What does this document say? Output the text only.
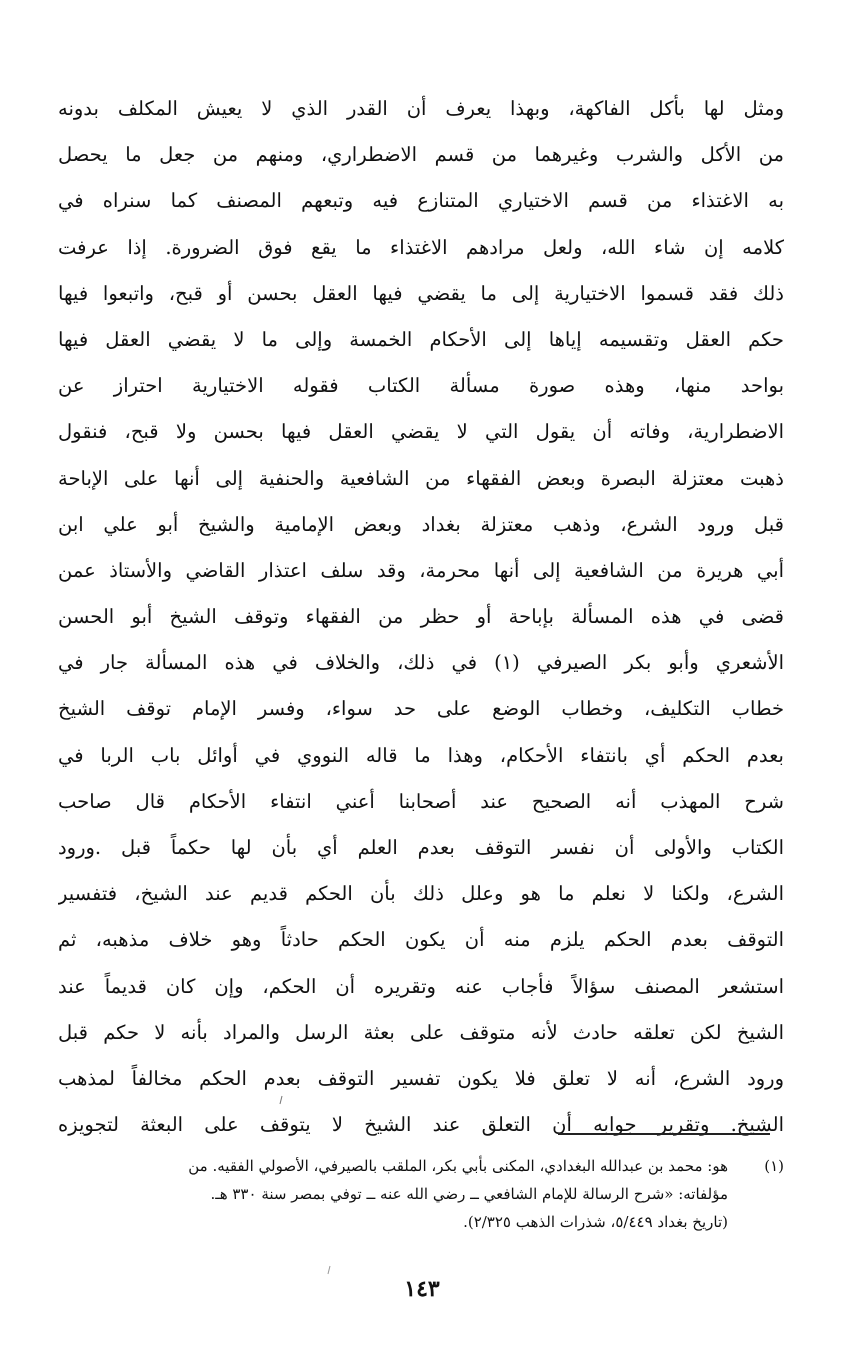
ومثل لها بأكل الفاكهة، وبهذا يعرف أن القدر الذي لا يعيش المكلف بدونه
من الأكل والشرب وغيرهما من قسم الاضطراري، ومنهم من جعل ما يحصل
به الاغتذاء من قسم الاختياري المتنازع فيه وتبعهم المصنف كما سنراه في
كلامه إن شاء الله، ولعل مرادهم الاغتذاء ما يقع فوق الضرورة. إذا عرفت
ذلك فقد قسموا الاختيارية إلى ما يقضي فيها العقل بحسن أو قبح، واتبعوا فيها
حكم العقل وتقسيمه إياها إلى الأحكام الخمسة وإلى ما لا يقضي العقل فيها
بواحد منها، وهذه صورة مسألة الكتاب فقوله الاختيارية احتراز عن
الاضطرارية، وفاته أن يقول التي لا يقضي العقل فيها بحسن ولا قبح، فنقول
ذهبت معتزلة البصرة وبعض الفقهاء من الشافعية والحنفية إلى أنها على الإباحة
قبل ورود الشرع، وذهب معتزلة بغداد وبعض الإمامية والشيخ أبو علي ابن
أبي هريرة من الشافعية إلى أنها محرمة، وقد سلف اعتذار القاضي والأستاذ عمن
قضى في هذه المسألة بإباحة أو حظر من الفقهاء وتوقف الشيخ أبو الحسن
الأشعري وأبو بكر الصيرفي (١) في ذلك، والخلاف في هذه المسألة جار في
خطاب التكليف، وخطاب الوضع على حد سواء، وفسر الإمام توقف الشيخ
بعدم الحكم أي بانتفاء الأحكام، وهذا ما قاله النووي في أوائل باب الربا في
شرح المهذب أنه الصحيح عند أصحابنا أعني انتفاء الأحكام قال صاحب
الكتاب والأولى أن نفسر التوقف بعدم العلم أي بأن لها حكماً قبل .ورود
الشرع، ولكنا لا نعلم ما هو وعلل ذلك بأن الحكم قديم عند الشيخ، فتفسير
التوقف بعدم الحكم يلزم منه أن يكون الحكم حادثاً وهو خلاف مذهبه، ثم
استشعر المصنف سؤالاً فأجاب عنه وتقريره أن الحكم، وإن كان قديماً عند
الشيخ لكن تعلقه حادث لأنه متوقف على بعثة الرسل والمراد بأنه لا حكم قبل
ورود الشرع، أنه لا تعلق فلا يكون تفسير التوقف بعدم الحكم مخالفاً لمذهب
الشيخ. وتقرير جوابه أن التعلق عند الشيخ لا يتوقف على البعثة لتجويزه
(١)هو: محمد بن عبدالله البغدادي، المكنى بأبي بكر، الملقب بالصيرفي، الأصولي الفقيه. من
مؤلفاته: «شرح الرسالة للإمام الشافعي ــ رضي الله عنه ــ توفي بمصر سنة ٣٣٠ هـ.
(تاريخ بغداد ٥/٤٤٩، شذرات الذهب ٢/٣٢٥).
١٤٣
